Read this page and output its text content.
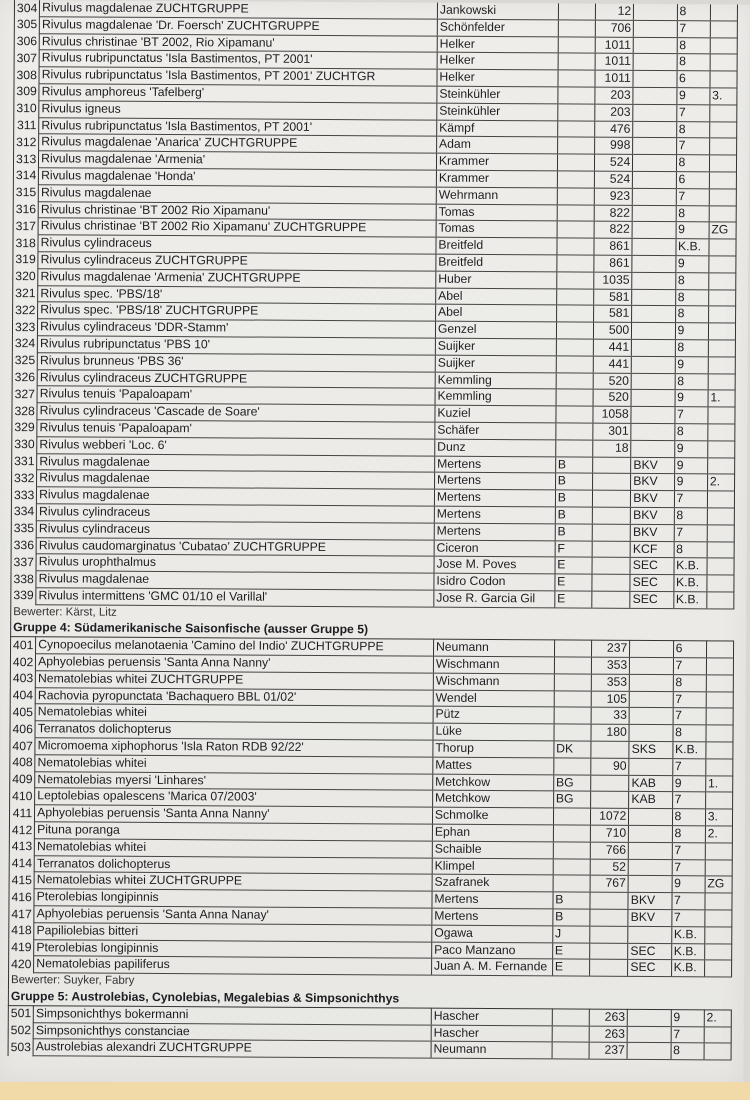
304	Rivulus magdalenae ZUCHTGRUPPE	Jankowski		12		8	
305	Rivulus magdalenae 'Dr. Foersch' ZUCHTGRUPPE	Schönfelder		706		7	
306	Rivulus christinae 'BT 2002, Rio Xipamanu'	Helker		1011		8	
307	Rivulus rubripunctatus 'Isla Bastimentos, PT 2001'	Helker		1011		8	
308	Rivulus rubripunctatus 'Isla Bastimentos, PT 2001' ZUCHTGR	Helker		1011		6	
309	Rivulus amphoreus 'Tafelberg'	Steinkühler		203		9	3.
310	Rivulus igneus	Steinkühler		203		7	
311	Rivulus rubripunctatus 'Isla Bastimentos, PT 2001'	Kämpf		476		8	
312	Rivulus magdalenae 'Anarica' ZUCHTGRUPPE	Adam		998		7	
313	Rivulus magdalenae 'Armenia'	Krammer		524		8	
314	Rivulus magdalenae 'Honda'	Krammer		524		6	
315	Rivulus magdalenae	Wehrmann		923		7	
316	Rivulus christinae 'BT 2002 Rio Xipamanu'	Tomas		822		8	
317	Rivulus christinae 'BT 2002 Rio Xipamanu' ZUCHTGRUPPE	Tomas		822		9	ZG
318	Rivulus cylindraceus	Breitfeld		861		K.B.	
319	Rivulus cylindraceus ZUCHTGRUPPE	Breitfeld		861		9	
320	Rivulus magdalenae 'Armenia' ZUCHTGRUPPE	Huber		1035		8	
321	Rivulus spec. 'PBS/18'	Abel		581		8	
322	Rivulus spec. 'PBS/18' ZUCHTGRUPPE	Abel		581		8	
323	Rivulus cylindraceus 'DDR-Stamm'	Genzel		500		9	
324	Rivulus rubripunctatus 'PBS 10'	Suijker		441		8	
325	Rivulus brunneus 'PBS 36'	Suijker		441		9	
326	Rivulus cylindraceus ZUCHTGRUPPE	Kemmling		520		8	
327	Rivulus tenuis 'Papaloapam'	Kemmling		520		9	1.
328	Rivulus cylindraceus 'Cascade de Soare'	Kuziel		1058		7	
329	Rivulus tenuis 'Papaloapam'	Schäfer		301		8	
330	Rivulus webberi 'Loc. 6'	Dunz		18		9	
331	Rivulus magdalenae	Mertens	B		BKV	9	
332	Rivulus magdalenae	Mertens	B		BKV	9	2.
333	Rivulus magdalenae	Mertens	B		BKV	7	
334	Rivulus cylindraceus	Mertens	B		BKV	8	
335	Rivulus cylindraceus	Mertens	B		BKV	7	
336	Rivulus caudomarginatus 'Cubatao' ZUCHTGRUPPE	Ciceron	F		KCF	8	
337	Rivulus urophthalmus	Jose M. Poves	E		SEC	K.B.	
338	Rivulus magdalenae	Isidro Codon	E		SEC	K.B.	
339	Rivulus intermittens 'GMC 01/10 el Varillal'	Jose R. Garcia Gil	E		SEC	K.B.	
Bewerter: Kärst, Litz							
Gruppe 4: Südamerikanische Saisonfische (ausser Gruppe 5)							
401	Cynopoecilus melanotaenia 'Camino del Indio' ZUCHTGRUPPE	Neumann		237		6	
402	Aphyolebias peruensis 'Santa Anna Nanny'	Wischmann		353		7	
403	Nematolebias whitei ZUCHTGRUPPE	Wischmann		353		8	
404	Rachovia pyropunctata 'Bachaquero BBL 01/02'	Wendel		105		7	
405	Nematolebias whitei	Pütz		33		7	
406	Terranatos dolichopterus	Lüke		180		8	
407	Micromoema xiphophorus 'Isla Raton RDB 92/22'	Thorup	DK		SKS	K.B.	
408	Nematolebias whitei	Mattes		90		7	
409	Nematolebias myersi 'Linhares'	Metchkow	BG		KAB	9	1.
410	Leptolebias opalescens 'Marica 07/2003'	Metchkow	BG		KAB	7	
411	Aphyolebias peruensis 'Santa Anna Nanny'	Schmolke		1072		8	3.
412	Pituna poranga	Ephan		710		8	2.
413	Nematolebias whitei	Schaible		766		7	
414	Terranatos dolichopterus	Klimpel		52		7	
415	Nematolebias whitei ZUCHTGRUPPE	Szafranek		767		9	ZG
416	Pterolebias longipinnis	Mertens	B		BKV	7	
417	Aphyolebias peruensis 'Santa Anna Nanay'	Mertens	B		BKV	7	
418	Papiliolebias bitteri	Ogawa	J			K.B.	
419	Pterolebias longipinnis	Paco Manzano	E		SEC	K.B.	
420	Nematolebias papiliferus	Juan A. M. Fernande	E		SEC	K.B.	
Bewerter: Suyker, Fabry							
Gruppe 5: Austrolebias, Cynolebias, Megalebias & Simpsonichthys							
501	Simpsonichthys bokermanni	Hascher		263		9	2.
502	Simpsonichthys constanciae	Hascher		263		7	
503	Austrolebias alexandri ZUCHTGRUPPE	Neumann		237		8	
